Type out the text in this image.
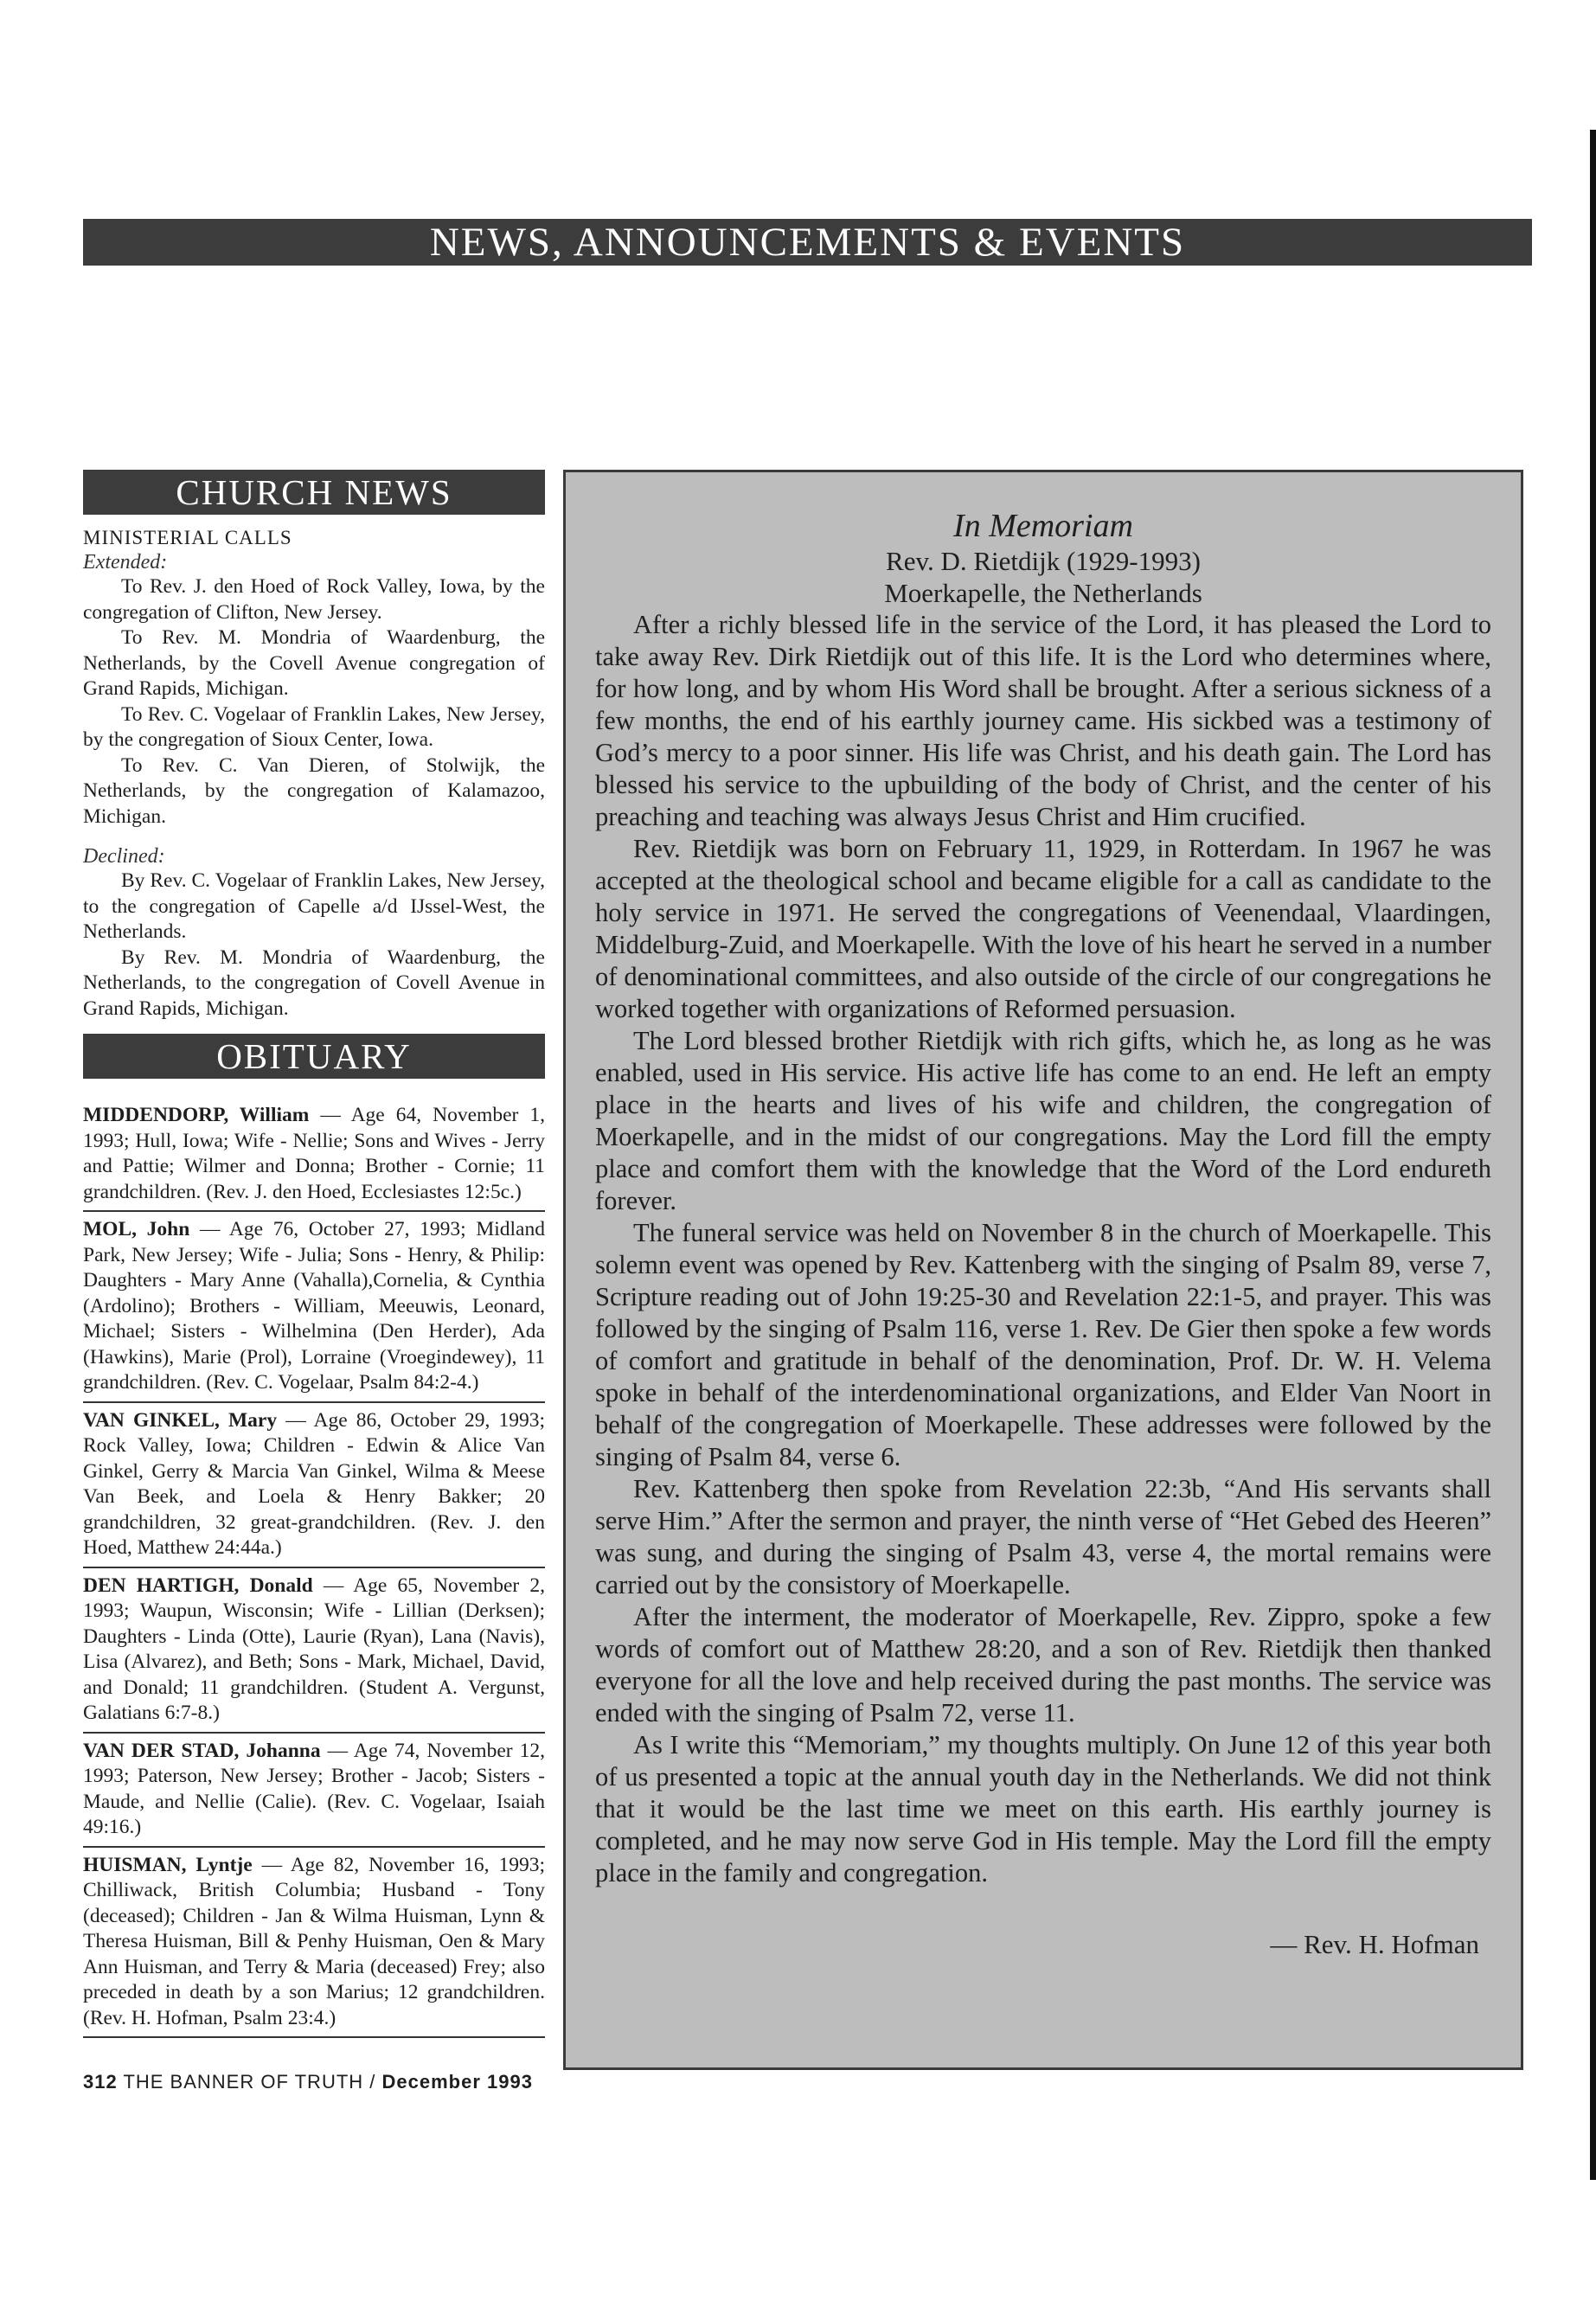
NEWS, ANNOUNCEMENTS & EVENTS
CHURCH NEWS
MINISTERIAL CALLS
Extended:
To Rev. J. den Hoed of Rock Valley, Iowa, by the congregation of Clifton, New Jersey.
To Rev. M. Mondria of Waardenburg, the Netherlands, by the Covell Avenue congregation of Grand Rapids, Michigan.
To Rev. C. Vogelaar of Franklin Lakes, New Jersey, by the congregation of Sioux Center, Iowa.
To Rev. C. Van Dieren, of Stolwijk, the Netherlands, by the congregation of Kalamazoo, Michigan.
Declined:
By Rev. C. Vogelaar of Franklin Lakes, New Jersey, to the congregation of Capelle a/d IJssel-West, the Netherlands.
By Rev. M. Mondria of Waardenburg, the Netherlands, to the congregation of Covell Avenue in Grand Rapids, Michigan.
OBITUARY
MIDDENDORP, William — Age 64, November 1, 1993; Hull, Iowa; Wife - Nellie; Sons and Wives - Jerry and Pattie; Wilmer and Donna; Brother - Cornie; 11 grandchildren. (Rev. J. den Hoed, Ecclesiastes 12:5c.)
MOL, John — Age 76, October 27, 1993; Midland Park, New Jersey; Wife - Julia; Sons - Henry, & Philip: Daughters - Mary Anne (Vahalla),Cornelia, & Cynthia (Ardolino); Brothers - William, Meeuwis, Leonard, Michael; Sisters - Wilhelmina (Den Herder), Ada (Hawkins), Marie (Prol), Lorraine (Vroegindewey), 11 grandchildren. (Rev. C. Vogelaar, Psalm 84:2-4.)
VAN GINKEL, Mary — Age 86, October 29, 1993; Rock Valley, Iowa; Children - Edwin & Alice Van Ginkel, Gerry & Marcia Van Ginkel, Wilma & Meese Van Beek, and Loela & Henry Bakker; 20 grandchildren, 32 great-grandchildren. (Rev. J. den Hoed, Matthew 24:44a.)
DEN HARTIGH, Donald — Age 65, November 2, 1993; Waupun, Wisconsin; Wife - Lillian (Derksen); Daughters - Linda (Otte), Laurie (Ryan), Lana (Navis), Lisa (Alvarez), and Beth; Sons - Mark, Michael, David, and Donald; 11 grandchildren. (Student A. Vergunst, Galatians 6:7-8.)
VAN DER STAD, Johanna — Age 74, November 12, 1993; Paterson, New Jersey; Brother - Jacob; Sisters - Maude, and Nellie (Calie). (Rev. C. Vogelaar, Isaiah 49:16.)
HUISMAN, Lyntje — Age 82, November 16, 1993; Chilliwack, British Columbia; Husband - Tony (deceased); Children - Jan & Wilma Huisman, Lynn & Theresa Huisman, Bill & Penhy Huisman, Oen & Mary Ann Huisman, and Terry & Maria (deceased) Frey; also preceded in death by a son Marius; 12 grandchildren. (Rev. H. Hofman, Psalm 23:4.)
312 THE BANNER OF TRUTH / December 1993
In Memoriam
Rev. D. Rietdijk (1929-1993)
Moerkapelle, the Netherlands
After a richly blessed life in the service of the Lord, it has pleased the Lord to take away Rev. Dirk Rietdijk out of this life. It is the Lord who determines where, for how long, and by whom His Word shall be brought. After a serious sickness of a few months, the end of his earthly journey came. His sickbed was a testimony of God’s mercy to a poor sinner. His life was Christ, and his death gain. The Lord has blessed his service to the upbuilding of the body of Christ, and the center of his preaching and teaching was always Jesus Christ and Him crucified.
Rev. Rietdijk was born on February 11, 1929, in Rotterdam. In 1967 he was accepted at the theological school and became eligible for a call as candidate to the holy service in 1971. He served the congregations of Veenendaal, Vlaardingen, Middelburg-Zuid, and Moerkapelle. With the love of his heart he served in a number of denominational committees, and also outside of the circle of our congregations he worked together with organizations of Reformed persuasion.
The Lord blessed brother Rietdijk with rich gifts, which he, as long as he was enabled, used in His service. His active life has come to an end. He left an empty place in the hearts and lives of his wife and children, the congregation of Moerkapelle, and in the midst of our congregations. May the Lord fill the empty place and comfort them with the knowledge that the Word of the Lord endureth forever.
The funeral service was held on November 8 in the church of Moerkapelle. This solemn event was opened by Rev. Kattenberg with the singing of Psalm 89, verse 7, Scripture reading out of John 19:25-30 and Revelation 22:1-5, and prayer. This was followed by the singing of Psalm 116, verse 1. Rev. De Gier then spoke a few words of comfort and gratitude in behalf of the denomination, Prof. Dr. W. H. Velema spoke in behalf of the interdenominational organizations, and Elder Van Noort in behalf of the congregation of Moerkapelle. These addresses were followed by the singing of Psalm 84, verse 6.
Rev. Kattenberg then spoke from Revelation 22:3b, “And His servants shall serve Him.” After the sermon and prayer, the ninth verse of “Het Gebed des Heeren” was sung, and during the singing of Psalm 43, verse 4, the mortal remains were carried out by the consistory of Moerkapelle.
After the interment, the moderator of Moerkapelle, Rev. Zippro, spoke a few words of comfort out of Matthew 28:20, and a son of Rev. Rietdijk then thanked everyone for all the love and help received during the past months. The service was ended with the singing of Psalm 72, verse 11.
As I write this “Memoriam,” my thoughts multiply. On June 12 of this year both of us presented a topic at the annual youth day in the Netherlands. We did not think that it would be the last time we meet on this earth. His earthly journey is completed, and he may now serve God in His temple. May the Lord fill the empty place in the family and congregation.
— Rev. H. Hofman
